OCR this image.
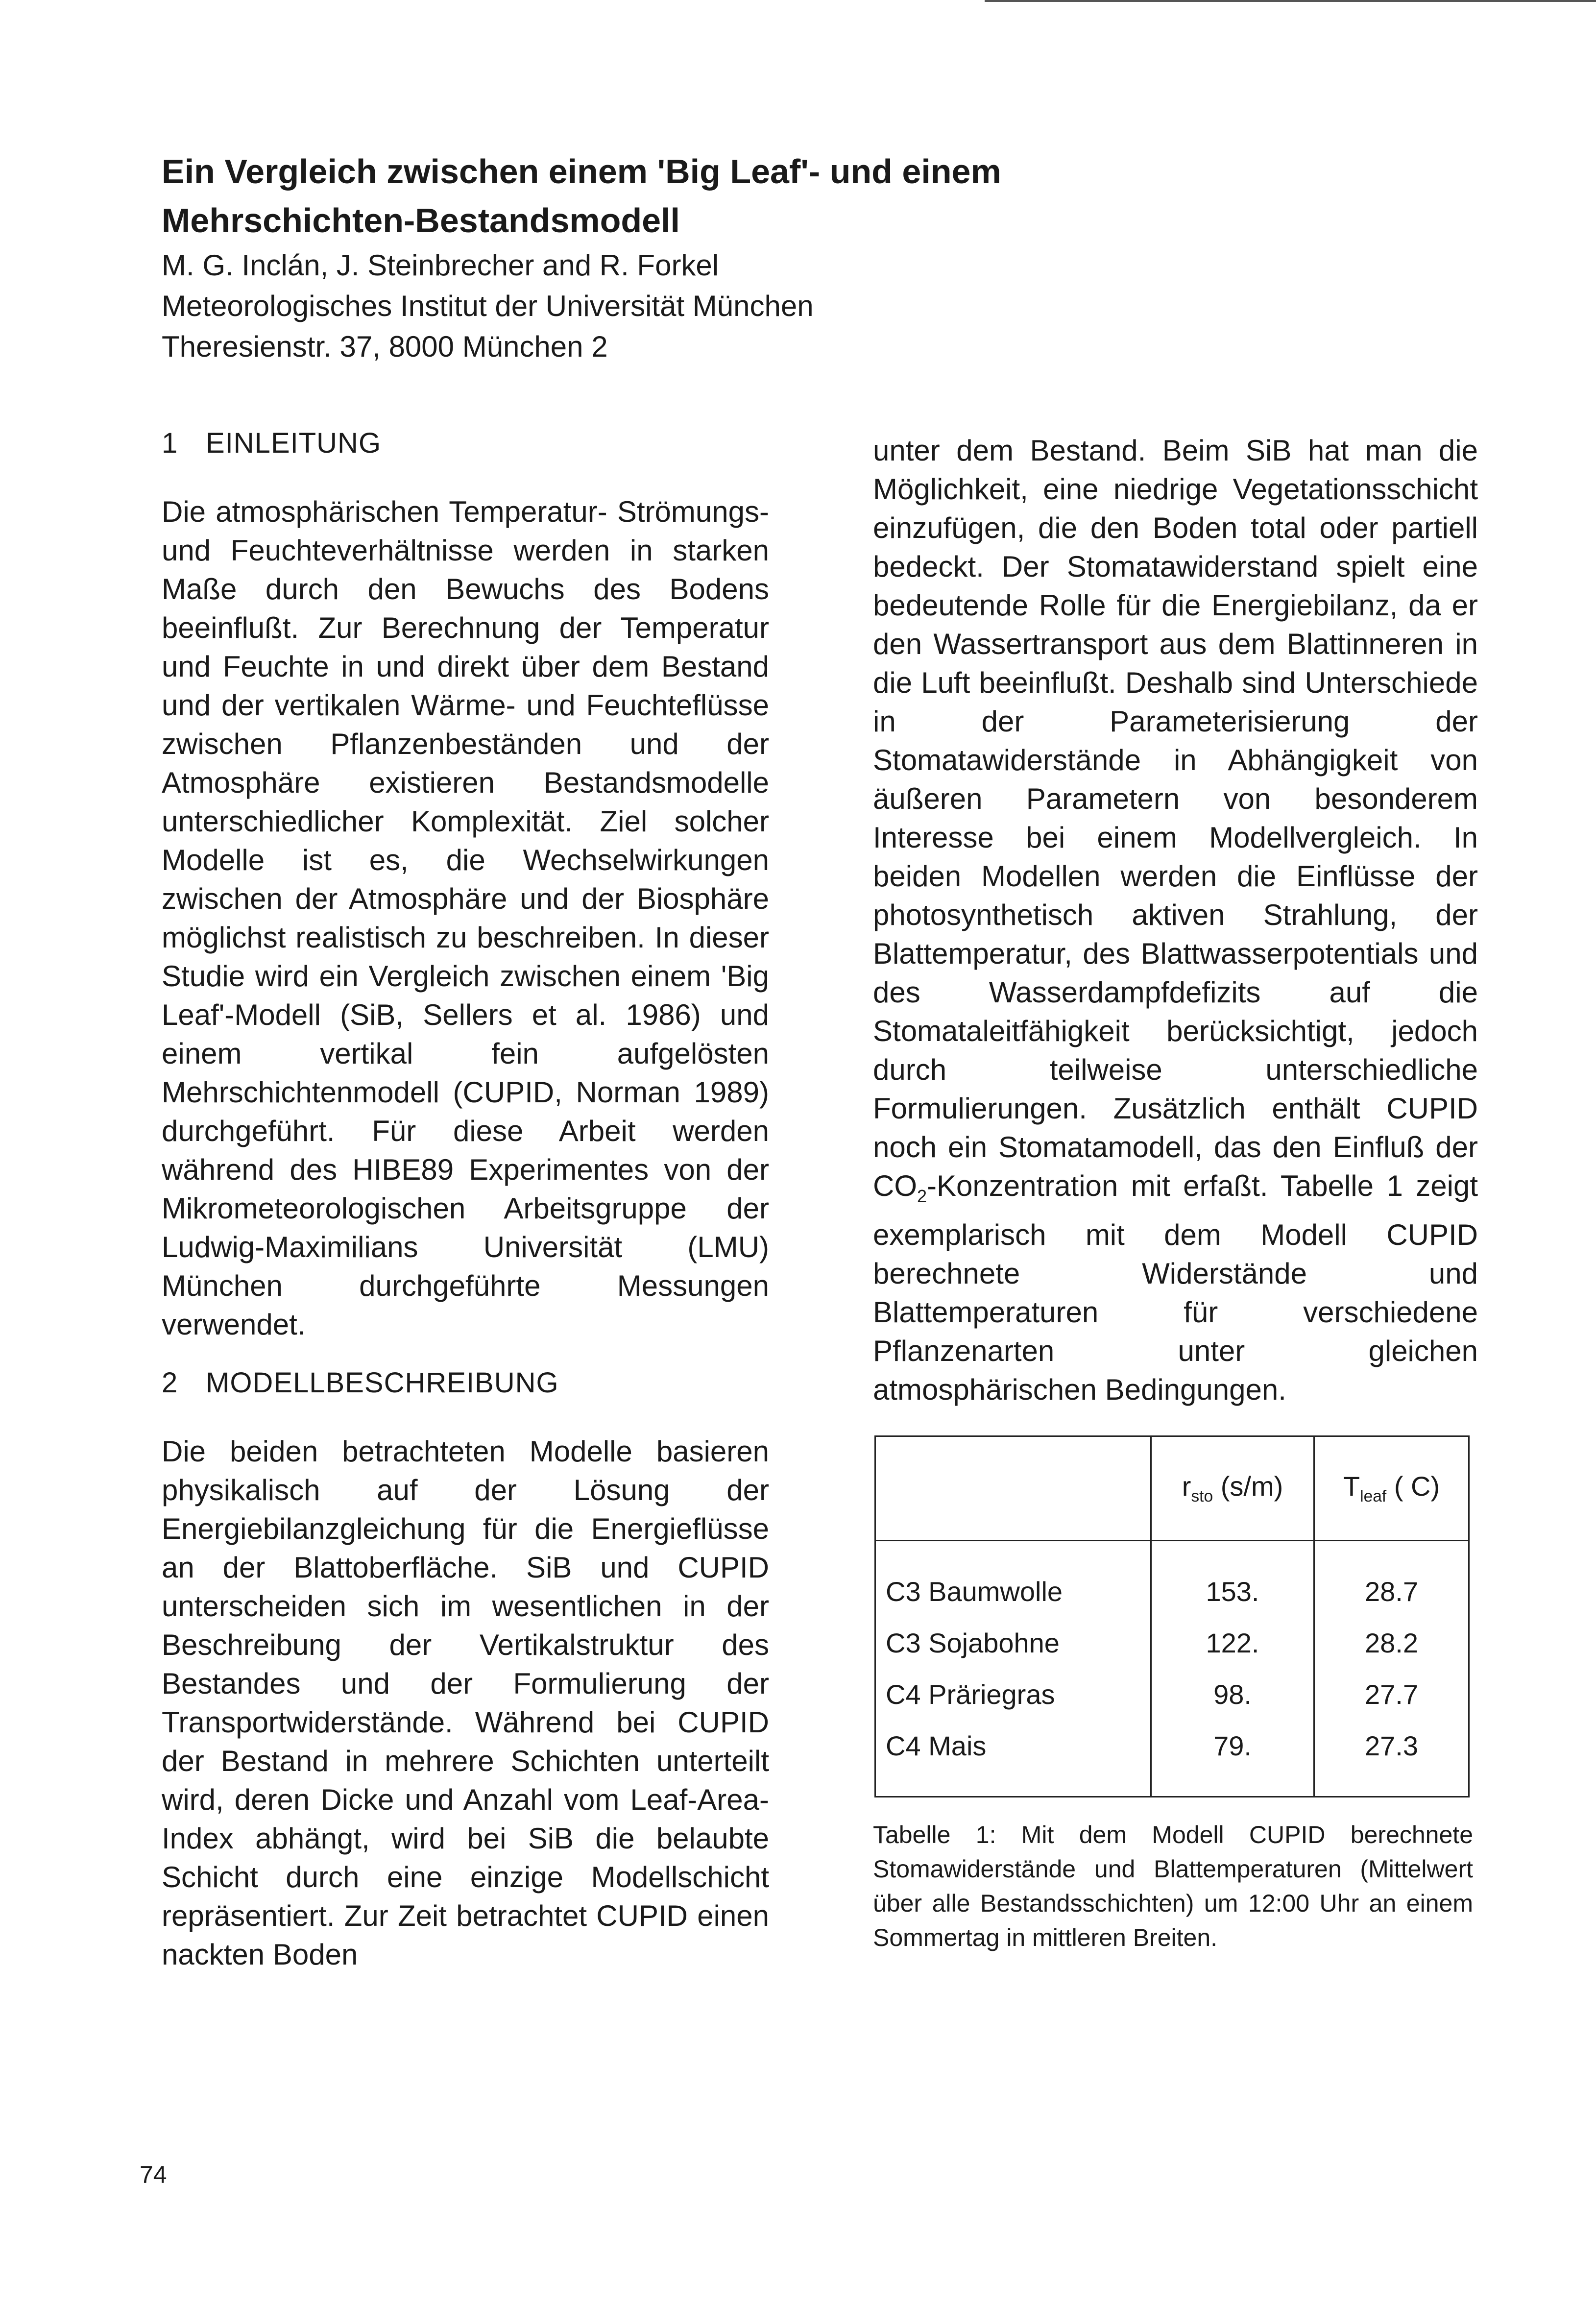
Ein Vergleich zwischen einem 'Big Leaf'- und einem Mehrschichten-Bestandsmodell
M. G. Inclán, J. Steinbrecher and R. Forkel
Meteorologisches Institut der Universität München
Theresienstr. 37, 8000 München 2
1 EINLEITUNG

Die atmosphärischen Temperatur- Strömungs- und Feuchteverhältnisse werden in starken Maße durch den Bewuchs des Bodens beeinflußt. Zur Berechnung der Temperatur und Feuchte in und direkt über dem Bestand und der vertikalen Wärme- und Feuchteflüsse zwischen Pflanzenbeständen und der Atmosphäre existieren Bestandsmodelle unterschiedlicher Komplexität. Ziel solcher Modelle ist es, die Wechselwirkungen zwischen der Atmosphäre und der Biosphäre möglichst realistisch zu beschreiben. In dieser Studie wird ein Vergleich zwischen einem 'Big Leaf'-Modell (SiB, Sellers et al. 1986) und einem vertikal fein aufgelösten Mehrschichtenmodell (CUPID, Norman 1989) durchgeführt. Für diese Arbeit werden während des HIBE89 Experimentes von der Mikrometeorologischen Arbeitsgruppe der Ludwig-Maximilians Universität (LMU) München durchgeführte Messungen verwendet.

2 MODELLBESCHREIBUNG

Die beiden betrachteten Modelle basieren physikalisch auf der Lösung der Energiebilanzgleichung für die Energieflüsse an der Blattoberfläche. SiB und CUPID unterscheiden sich im wesentlichen in der Beschreibung der Vertikalstruktur des Bestandes und der Formulierung der Transportwiderstände. Während bei CUPID der Bestand in mehrere Schichten unterteilt wird, deren Dicke und Anzahl vom Leaf-Area-Index abhängt, wird bei SiB die belaubte Schicht durch eine einzige Modellschicht repräsentiert. Zur Zeit betrachtet CUPID einen nackten Boden

unter dem Bestand. Beim SiB hat man die Möglichkeit, eine niedrige Vegetationsschicht einzufügen, die den Boden total oder partiell bedeckt. Der Stomatawiderstand spielt eine bedeutende Rolle für die Energiebilanz, da er den Wassertransport aus dem Blattinneren in die Luft beeinflußt. Deshalb sind Unterschiede in der Parameterisierung der Stomatawiderstände in Abhängigkeit von äußeren Parametern von besonderem Interesse bei einem Modellvergleich. In beiden Modellen werden die Einflüsse der photosynthetisch aktiven Strahlung, der Blattemperatur, des Blattwasserpotentials und des Wasserdampfdefizits auf die Stomataleitfähigkeit berücksichtigt, jedoch durch teilweise unterschiedliche Formulierungen. Zusätzlich enthält CUPID noch ein Stomatamodell, das den Einfluß der $CO_2$-Konzentration mit erfaßt. Tabelle 1 zeigt exemplarisch mit dem Modell CUPID berechnete Widerstände und Blattemperaturen für verschiedene Pflanzenarten unter gleichen atmosphärischen Bedingungen.

	$r_{sto}$ (s/m)	$T_{leaf}$ ( C)
C3 Baumwolle	153.	28.7
C3 Sojabohne	122.	28.2
C4 Präriegras	98.	27.7
C4 Mais	79.	27.3

Tabelle 1: Mit dem Modell CUPID berechnete Stomawiderstände und Blattemperaturen (Mittelwert über alle Bestandsschichten) um 12:00 Uhr an einem Sommertag in mittleren Breiten.

74
